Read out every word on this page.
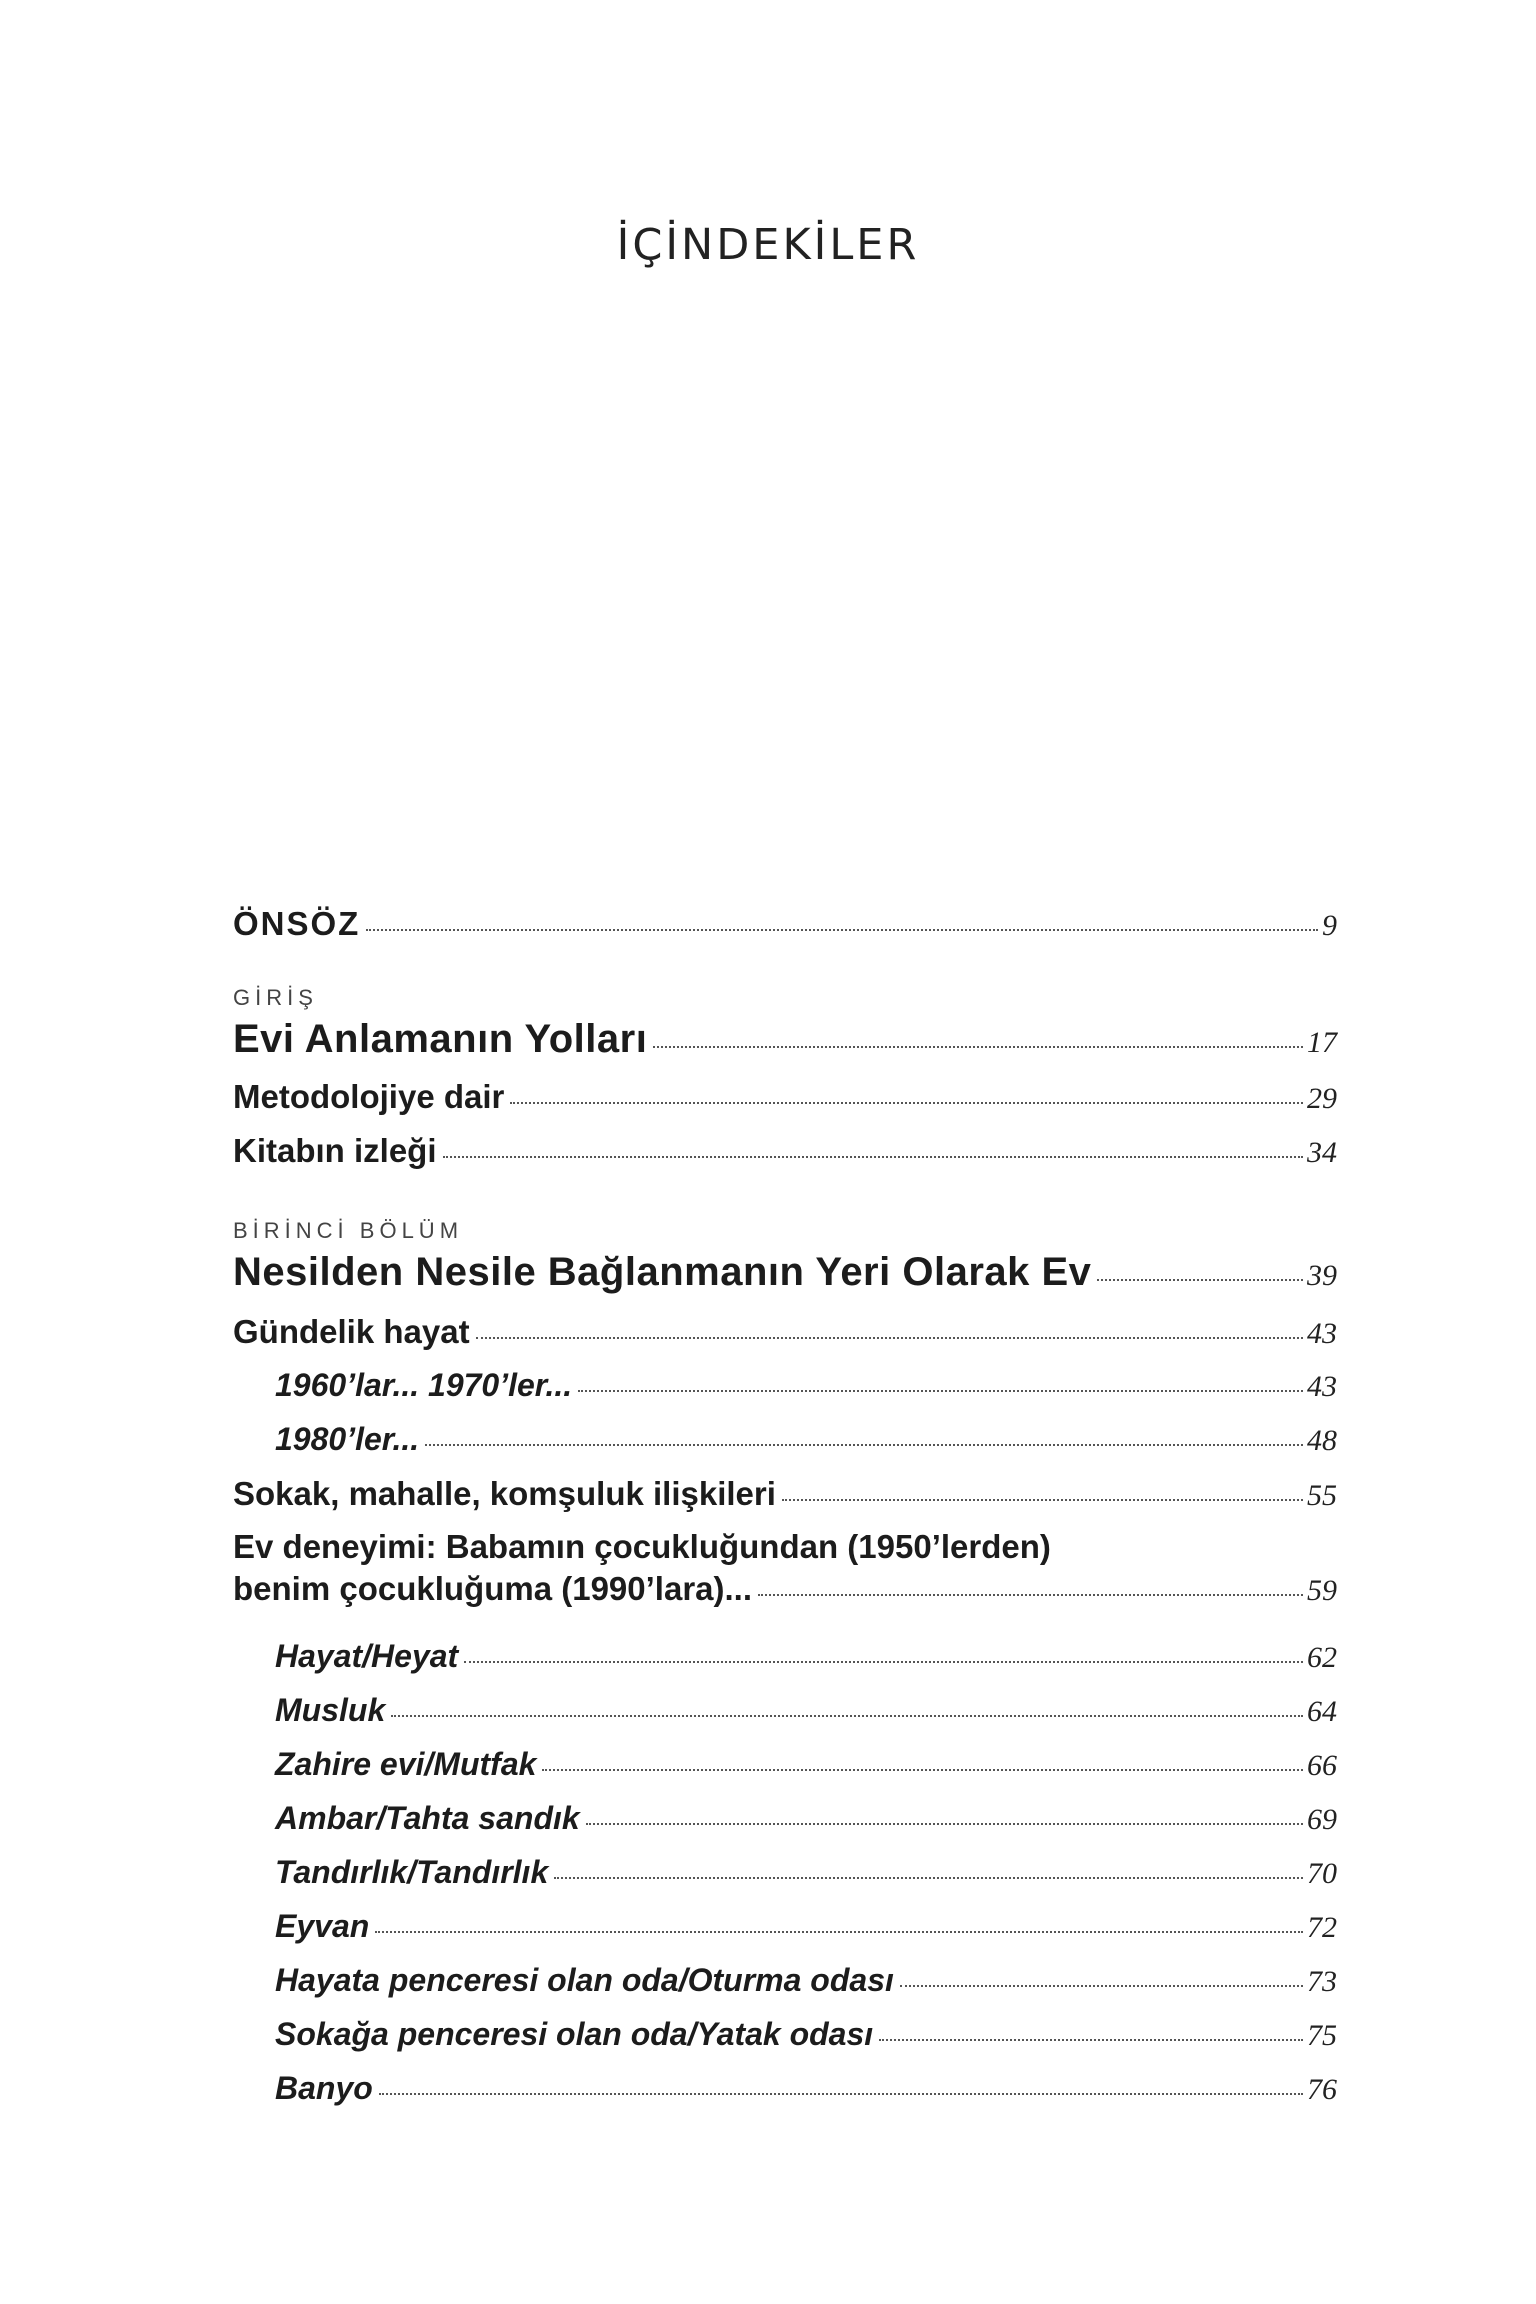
İÇİNDEKİLER
ÖNSÖZ	9
GİRİŞ
Evi Anlamanın Yolları	17
Metodolojiye dair	29
Kitabın izleği	34
BİRİNCİ BÖLÜM
Nesilden Nesile Bağlanmanın Yeri Olarak Ev	39
Gündelik hayat	43
1960’lar... 1970’ler...	43
1980’ler...	48
Sokak, mahalle, komşuluk ilişkileri	55
Ev deneyimi: Babamın çocukluğundan (1950’lerden)
benim çocukluğuma (1990’lara)...	59
Hayat/Heyat	62
Musluk	64
Zahire evi/Mutfak	66
Ambar/Tahta sandık	69
Tandırlık/Tandırlık	70
Eyvan	72
Hayata penceresi olan oda/Oturma odası	73
Sokağa penceresi olan oda/Yatak odası	75
Banyo	76
